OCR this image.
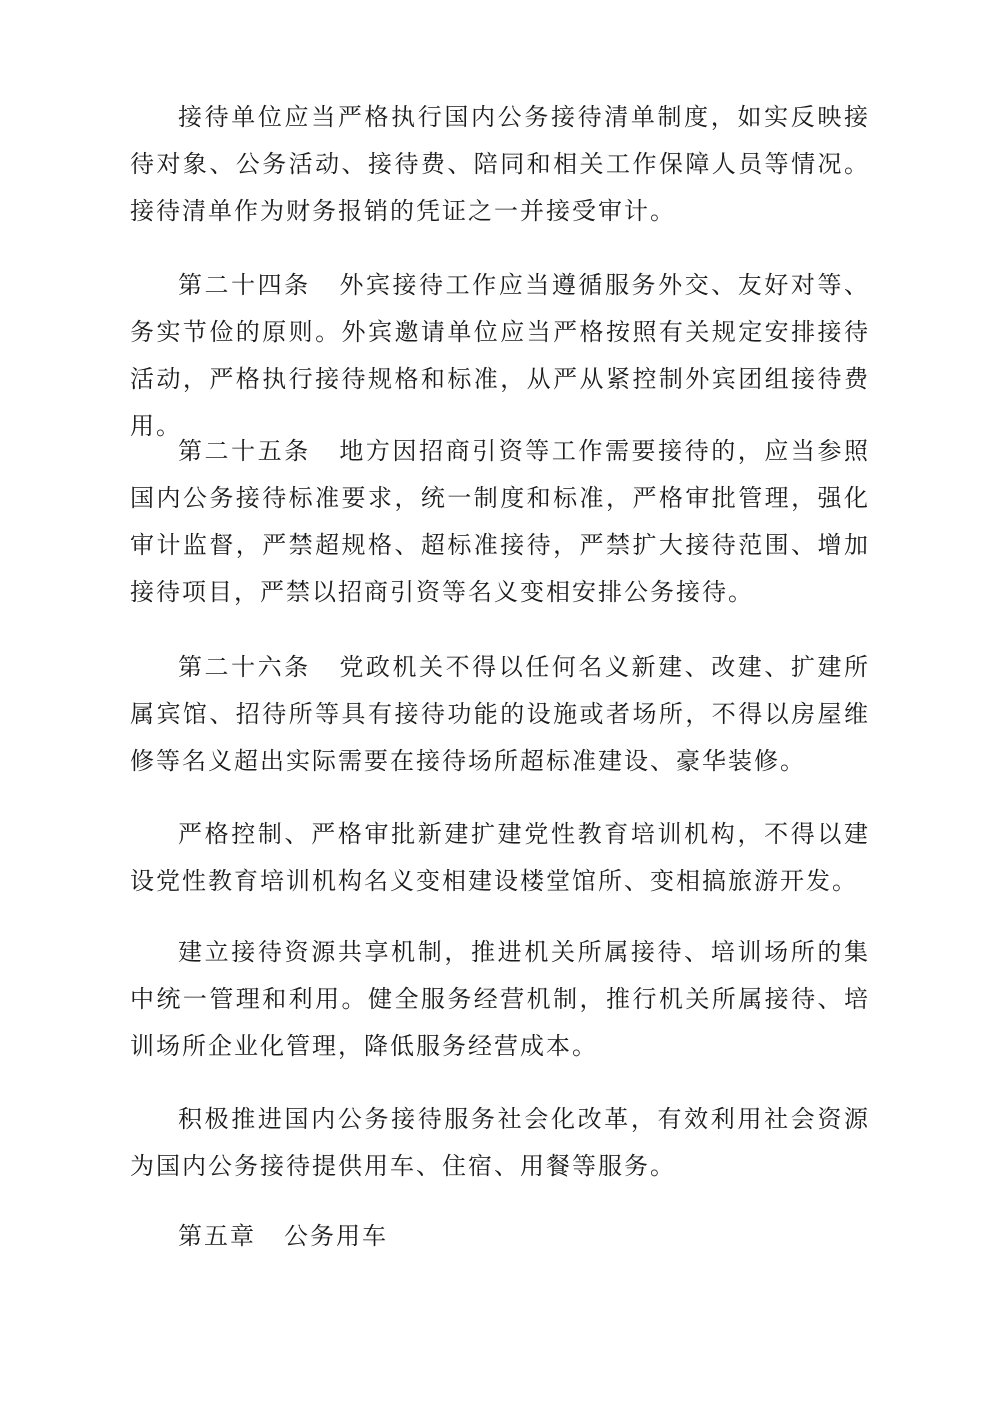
接待单位应当严格执行国内公务接待清单制度，如实反映接待对象、公务活动、接待费、陪同和相关工作保障人员等情况。接待清单作为财务报销的凭证之一并接受审计。

第二十四条 外宾接待工作应当遵循服务外交、友好对等、务实节俭的原则。外宾邀请单位应当严格按照有关规定安排接待活动，严格执行接待规格和标准，从严从紧控制外宾团组接待费用。

第二十五条 地方因招商引资等工作需要接待的，应当参照国内公务接待标准要求，统一制度和标准，严格审批管理，强化审计监督，严禁超规格、超标准接待，严禁扩大接待范围、增加接待项目，严禁以招商引资等名义变相安排公务接待。

第二十六条 党政机关不得以任何名义新建、改建、扩建所属宾馆、招待所等具有接待功能的设施或者场所，不得以房屋维修等名义超出实际需要在接待场所超标准建设、豪华装修。

严格控制、严格审批新建扩建党性教育培训机构，不得以建设党性教育培训机构名义变相建设楼堂馆所、变相搞旅游开发。

建立接待资源共享机制，推进机关所属接待、培训场所的集中统一管理和利用。健全服务经营机制，推行机关所属接待、培训场所企业化管理，降低服务经营成本。

积极推进国内公务接待服务社会化改革，有效利用社会资源为国内公务接待提供用车、住宿、用餐等服务。

第五章 公务用车
